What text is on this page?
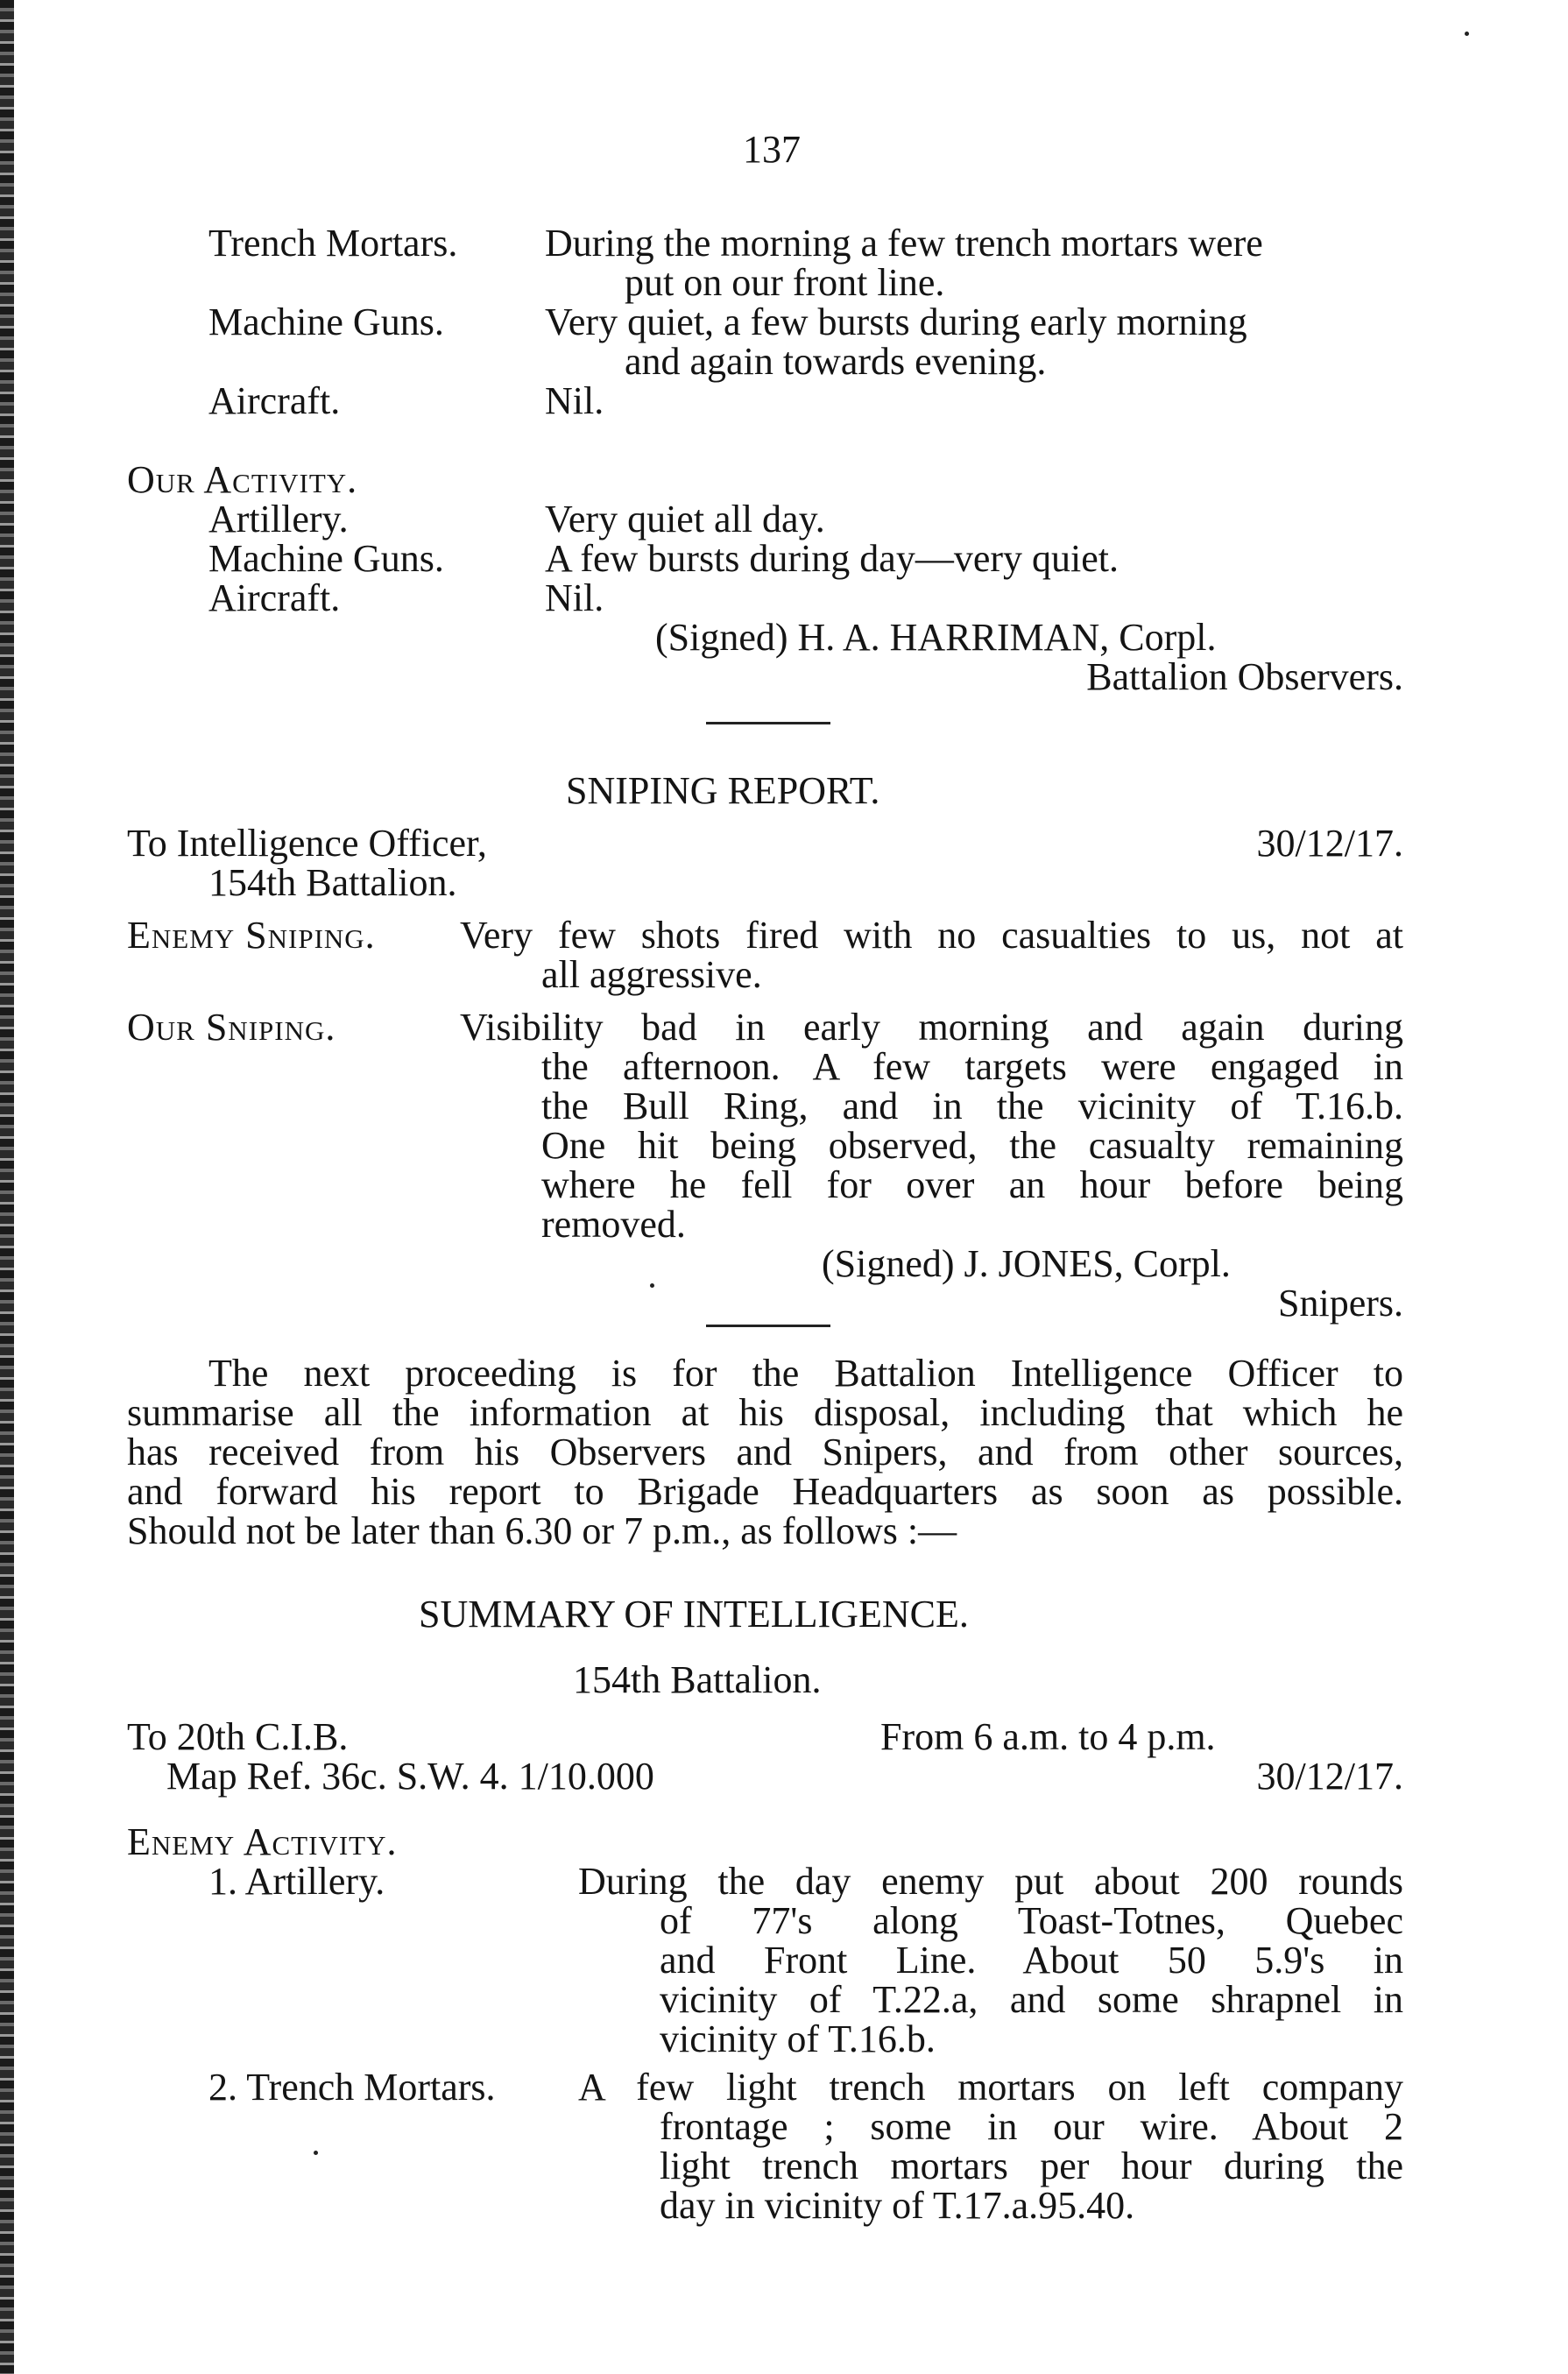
137
Trench Mortars. During the morning a few trench mortars were
put on our front line.
Machine Guns.	Very quiet, a few bursts during early morning
and again towards evening.
Aircraft.	Nil.
Our Activity.
Artillery.	Very quiet all day.
Machine Guns.	A few bursts during day—very quiet.
Aircraft.	Nil.
(Signed) H. A. HARRIMAN, Corpl.
Battalion Observers.
SNIPING REPORT.
To Intelligence Officer,	30/12/17.
154th Battalion.
Enemy Sniping. Very few shots fired with no casualties to us, not at
all aggressive.
Our Sniping.	Visibility bad in early morning and again during
the afternoon. A few targets were engaged in
the Bull Ring, and in the vicinity of T.16.b.
One hit being observed, the casualty remaining
where he fell for over an hour before being
removed.
(Signed) J. JONES, Corpl.
Snipers.
The next proceeding is for the Battalion Intelligence Officer to
summarise all the information at his disposal, including that which he
has received from his Observers and Snipers, and from other sources,
and forward his report to Brigade Headquarters as soon as possible.
Should not be later than 6.30 or 7 p.m., as follows :—
SUMMARY OF INTELLIGENCE.
154th Battalion.
To 20th C.I.B.	From 6 a.m. to 4 p.m.
Map Ref. 36c. S.W. 4. 1/10.000	30/12/17.
Enemy Activity.
1. Artillery.	During the day enemy put about 200 rounds
of 77's along Toast-Totnes, Quebec
and Front Line. About 50 5.9's in
vicinity of T.22.a, and some shrapnel in
vicinity of T.16.b.
2. Trench Mortars. A few light trench mortars on left company
frontage ; some in our wire. About 2
light trench mortars per hour during the
day in vicinity of T.17.a.95.40.
